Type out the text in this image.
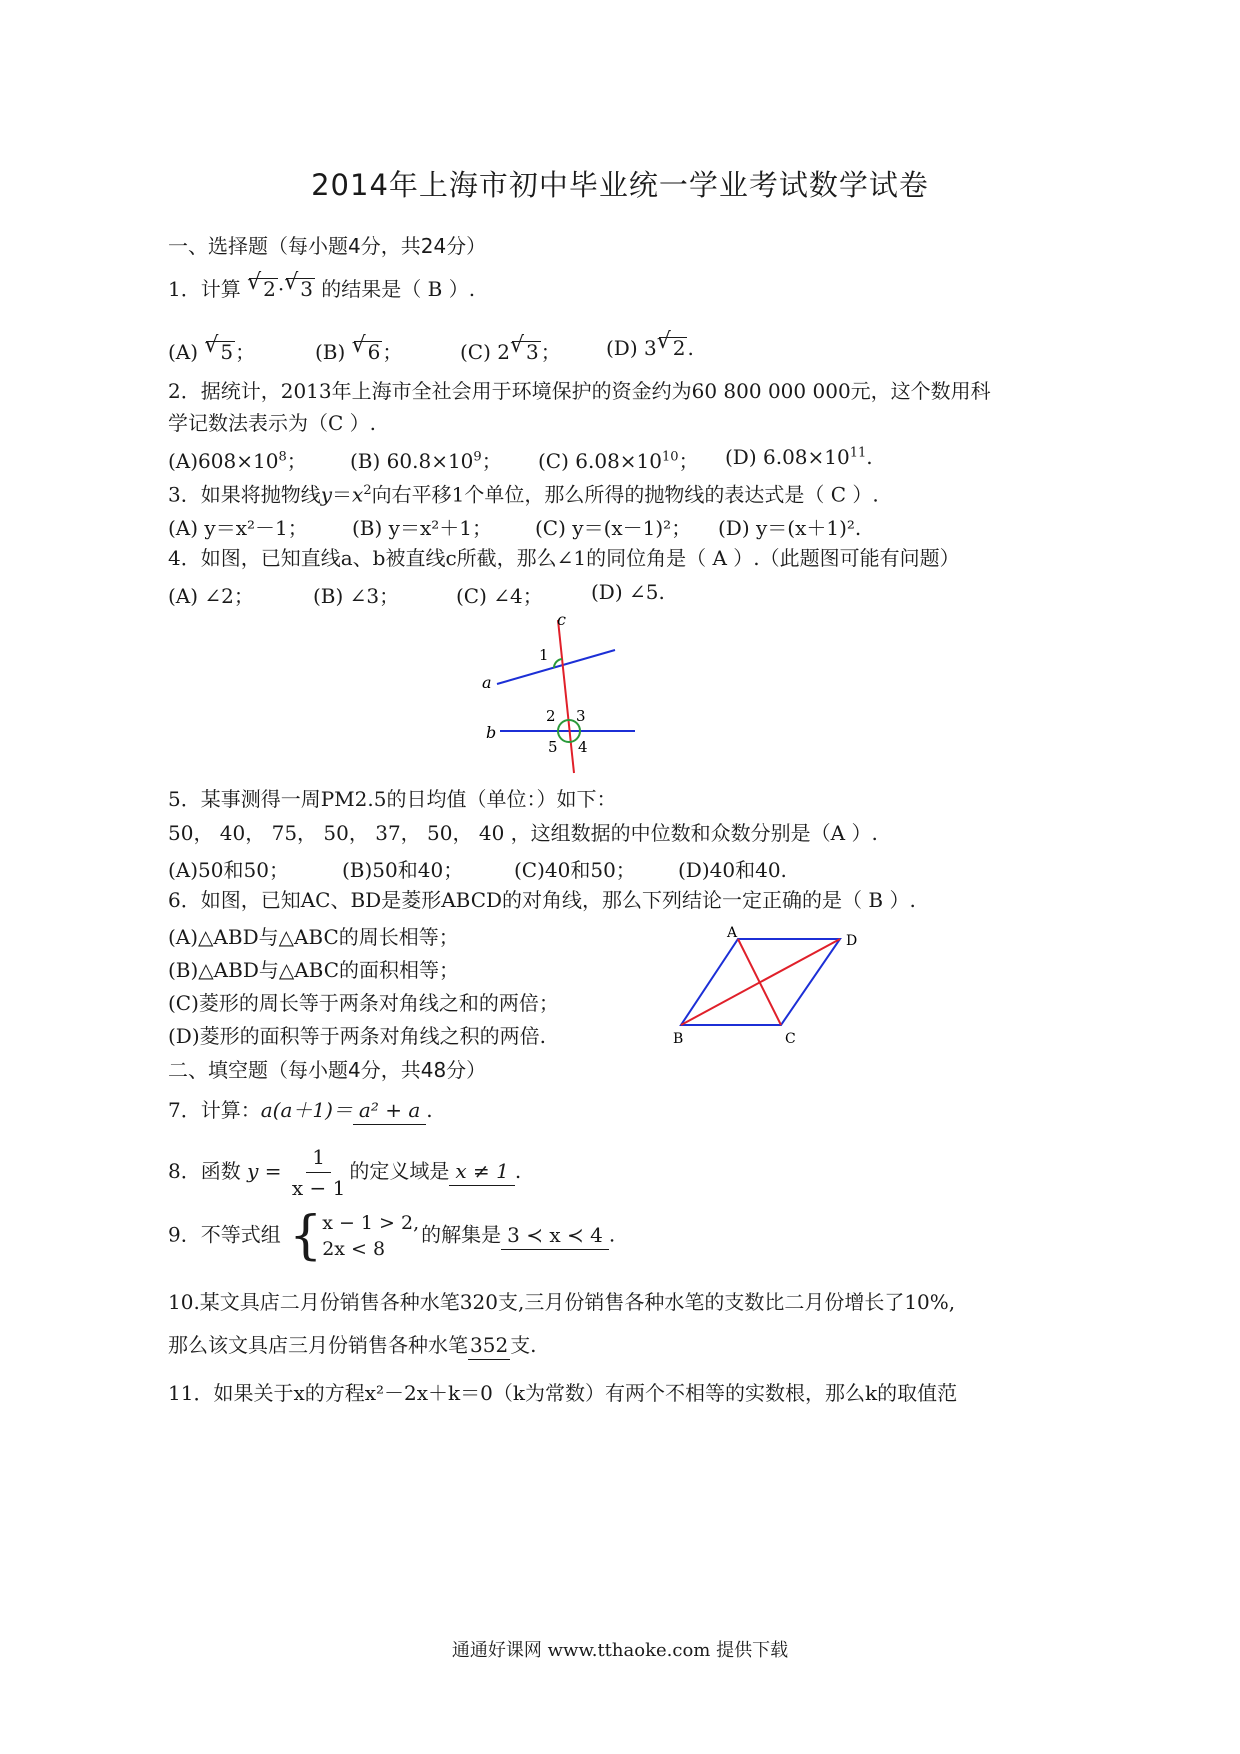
2014年上海市初中毕业统一学业考试数学试卷
一、选择题（每小题4分，共24分）
1．计算 √ 2 · √ 3 的结果是（ B ）.
(A) √ 5 ；	(B) √ 6 ；	(C) 2 √ 3 ； (D) 3 √ 2 .
2．据统计，2013年上海市全社会用于环境保护的资金约为60 800 000 000元，这个数用科
学记数法表示为（C ）.
$(A)608\times 10^8$； (B) $60.8\times 10^9$； (C) $6.08\times 10^{10}$； (D) $6.08\times 10^{11}$.
3．如果将抛物线$y=x^2$向右平移1个单位，那么所得的抛物线的表达式是（ C ）.
(A) y＝x²－1； (B) y＝x²＋1； (C) y＝(x－1)²； (D) y＝(x＋1)².
4．如图，已知直线a、b被直线c所截，那么∠1的同位角是（ A ）.（此题图可能有问题）
(A) ∠2；	(B) ∠3；	(C) ∠4； (D) ∠5.
c
a
b
1
2 3
4
5
5．某事测得一周PM2.5的日均值（单位：）如下：
50， 40， 75， 50， 37， 50， 40 ，这组数据的中位数和众数分别是（A ）.
(A)50和50；	(B)50和40；	(C)40和50； (D)40和40.
6．如图，已知AC、BD是菱形ABCD的对角线，那么下列结论一定正确的是（ B ）.
(A)△ABD与△ABC的周长相等；
(B)△ABD与△ABC的面积相等；
(C)菱形的周长等于两条对角线之和的两倍；
(D)菱形的面积等于两条对角线之积的两倍.
A	D
B	C
二、填空题（每小题4分，共48分）
7．计算：a(a＋1)＝ a² + a .
8．函数 $y = \frac{1}{x - 1}$ 的定义域是 x ≠ 1 .
9．不等式组 { x − 1 > 2,
2x < 8
的解集是 3 ≺ x ≺ 4 .
10.某文具店二月份销售各种水笔320支,三月份销售各种水笔的支数比二月份增长了10%,
那么该文具店三月份销售各种水笔 352 支.
11．如果关于x的方程x²－2x＋k＝0（k为常数）有两个不相等的实数根，那么k的取值范
通通好课网 www.tthaoke.com 提供下载
